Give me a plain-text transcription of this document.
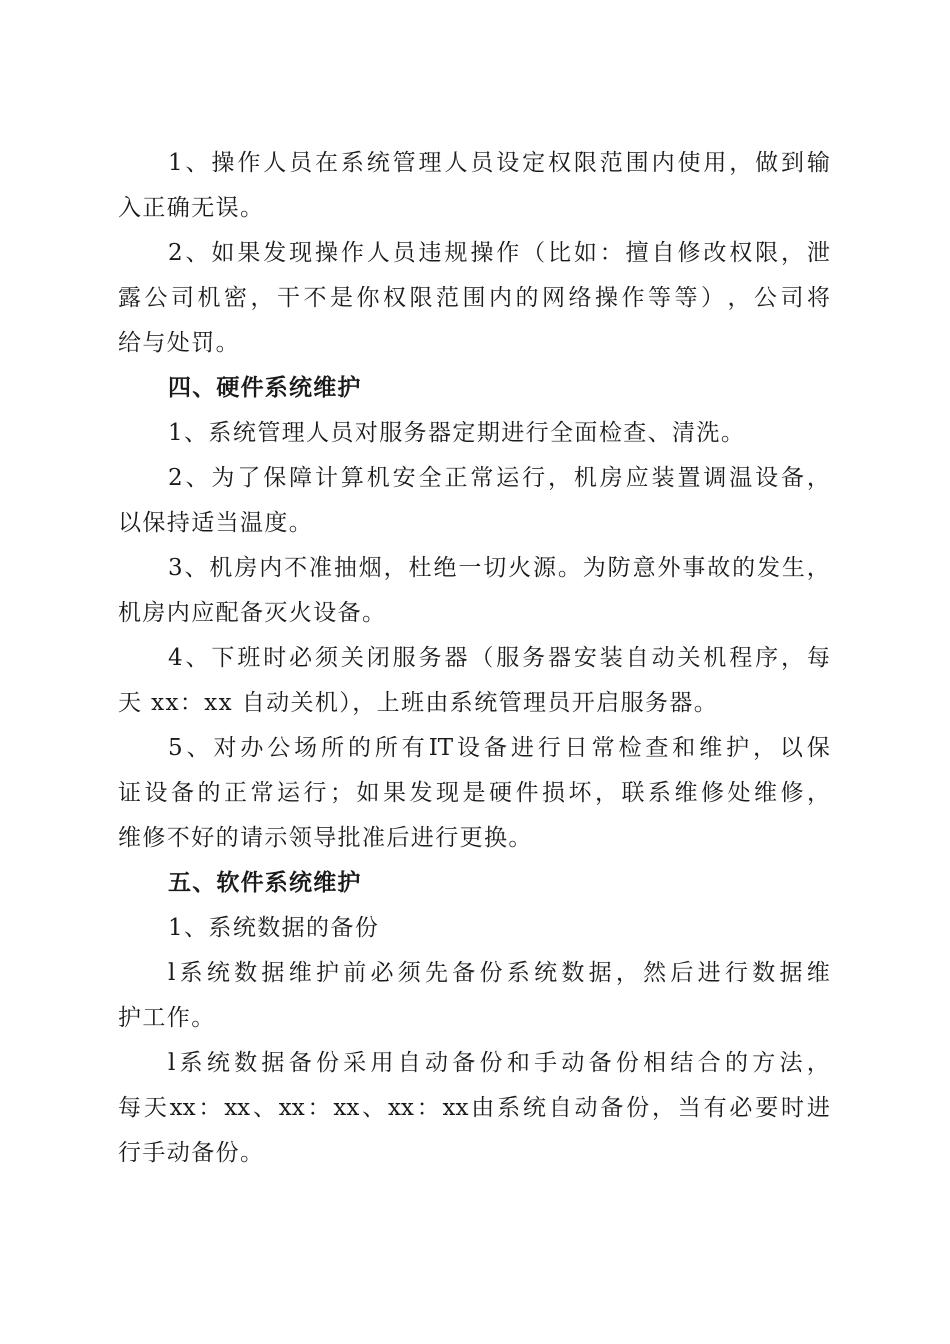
1 、 操 作 人 员 在 系 统 管 理 人 员 设 定 权 限 范 围 内 使 用 ， 做 到 输
入正确无误。
2 、 如 果 发 现 操 作 人 员 违 规 操 作 （ 比 如 ： 擅 自 修 改 权 限 ， 泄
露 公 司 机 密 ， 干 不 是 你 权 限 范 围 内 的 网 络 操 作 等 等 ） ， 公 司 将
给与处罚。
四、硬件系统维护
1、系统管理人员对服务器定期进行全面检查、清洗。
2 、 为 了 保 障 计 算 机 安 全 正 常 运 行 ， 机 房 应 装 置 调 温 设 备 ，
以保持适当温度。
3 、 机 房 内 不 准 抽 烟 ， 杜 绝 一 切 火 源 。 为 防 意 外 事 故 的 发 生 ，
机房内应配备灭火设备。
4 、 下 班 时 必 须 关 闭 服 务 器 （ 服 务 器 安 装 自 动 关 机 程 序 ， 每
天 xx：xx 自动关机），上班由系统管理员开启服务器。
5 、 对 办 公 场 所 的 所 有 IT 设 备 进 行 日 常 检 查 和 维 护 ， 以 保
证 设 备 的 正 常 运 行 ； 如 果 发 现 是 硬 件 损 坏 ， 联 系 维 修 处 维 修 ，
维修不好的请示领导批准后进行更换。
五、软件系统维护
1、系统数据的备份
l 系 统 数 据 维 护 前 必 须 先 备 份 系 统 数 据 ， 然 后 进 行 数 据 维
护工作。
l 系 统 数 据 备 份 采 用 自 动 备 份 和 手 动 备 份 相 结 合 的 方 法 ，
每 天 xx ： xx 、 xx ： xx 、 xx ： xx 由 系 统 自 动 备 份 ， 当 有 必 要 时 进
行手动备份。
